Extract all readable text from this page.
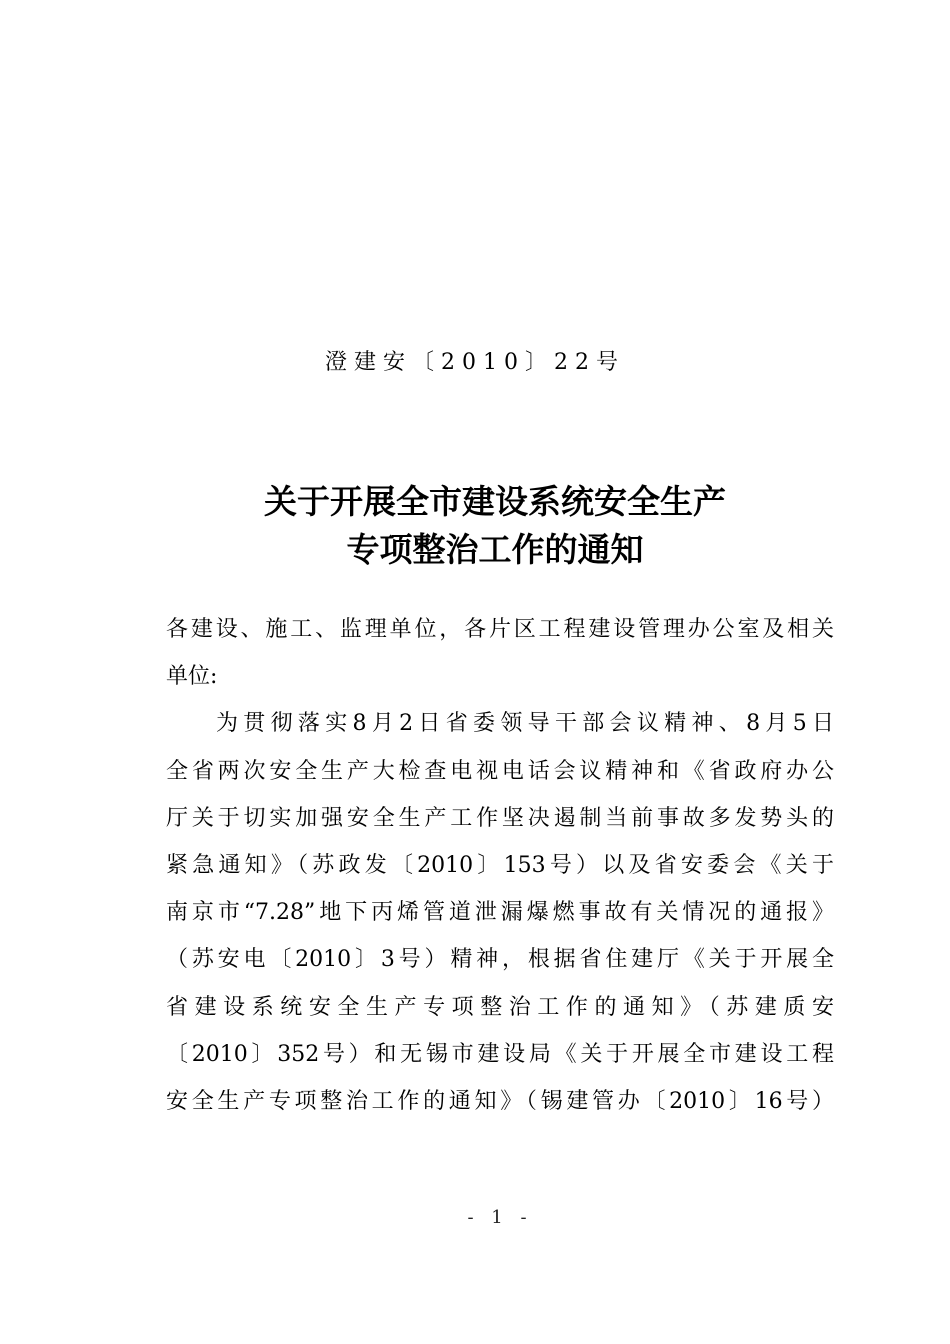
澄建安〔2010〕22号
关于开展全市建设系统安全生产
专项整治工作的通知
各建设、施工、监理单位，各片区工程建设管理办公室及相关
单位:
为贯彻落实8月2日省委领导干部会议精神、8月5日
全省两次安全生产大检查电视电话会议精神和《省政府办公
厅关于切实加强安全生产工作坚决遏制当前事故多发势头的
紧急通知》（苏政发〔2010〕153号）以及省安委会《关于
南京市“7.28”地下丙烯管道泄漏爆燃事故有关情况的通报》
（苏安电〔2010〕3号）精神，根据省住建厅《关于开展全
省建设系统安全生产专项整治工作的通知》（苏建质安
〔2010〕352号）和无锡市建设局《关于开展全市建设工程
安全生产专项整治工作的通知》（锡建管办〔2010〕16号）
- 1 -
